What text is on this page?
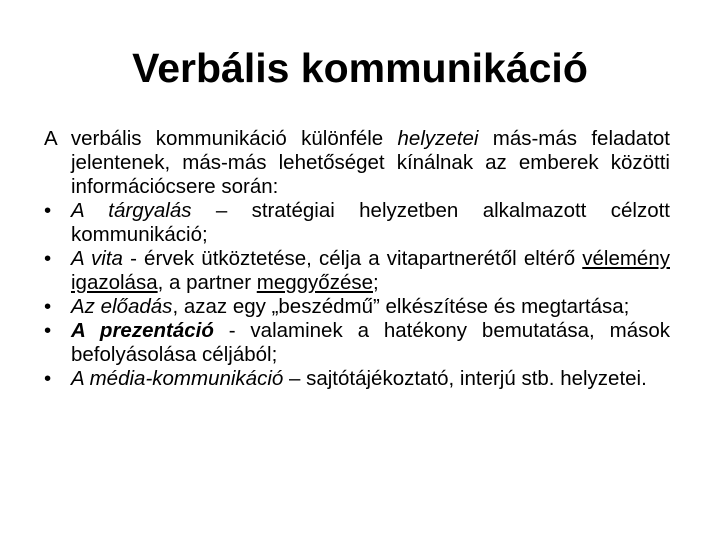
Verbális kommunikáció

A verbális kommunikáció különféle helyzetei más-más feladatot jelentenek, más-más lehetőséget kínálnak az emberek közötti információcsere során:

• A tárgyalás – stratégiai helyzetben alkalmazott célzott kommunikáció;
• A vita - érvek ütköztetése, célja a vitapartnerétől eltérő vélemény igazolása, a partner meggyőzése;
• Az előadás, azaz egy „beszédmű” elkészítése és megtartása;
• A prezentáció - valaminek a hatékony bemutatása, mások befolyásolása céljából;
• A média-kommunikáció – sajtótájékoztató, interjú stb. helyzetei.
